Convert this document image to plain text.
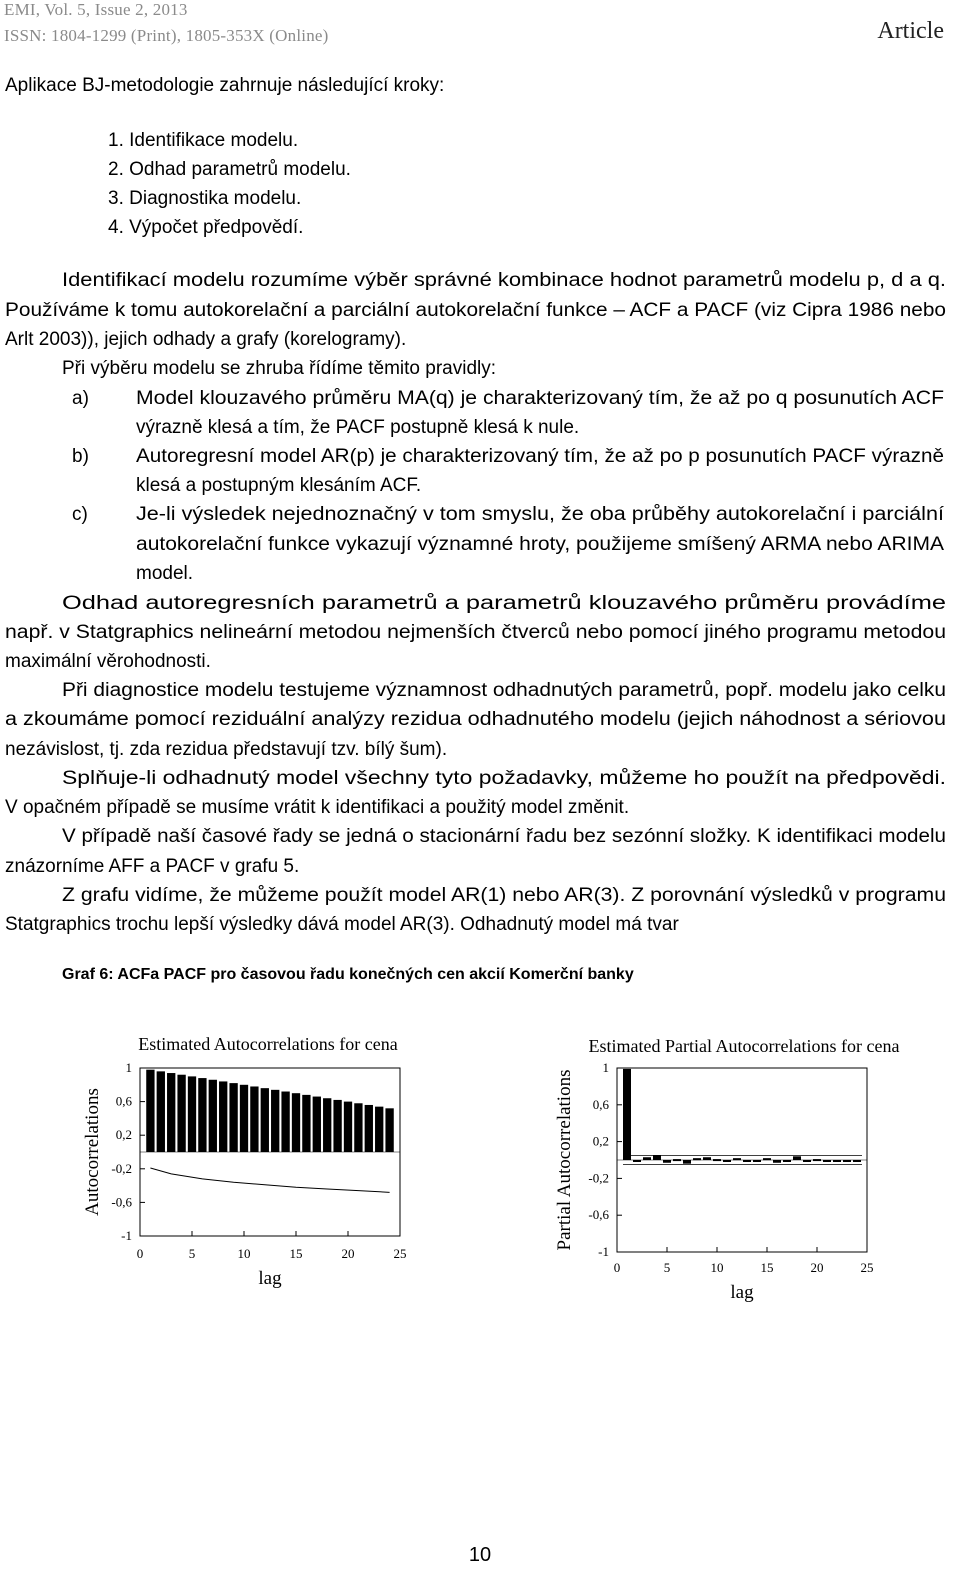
EMI, Vol. 5, Issue 2, 2013
ISSN: 1804-1299 (Print), 1805-353X (Online)	Article
Aplikace BJ-metodologie zahrnuje následující kroky:
1. Identifikace modelu.
2. Odhad parametrů modelu.
3. Diagnostika modelu.
4. Výpočet předpovědí.
Identifikací modelu rozumíme výběr správné kombinace hodnot parametrů modelu p, d a q.
Používáme k tomu autokorelační a parciální autokorelační funkce – ACF a PACF (viz Cipra 1986 nebo
Arlt 2003)), jejich odhady a grafy (korelogramy).
Při výběru modelu se zhruba řídíme těmito pravidly:
a) Model klouzavého průměru MA(q) je charakterizovaný tím, že až po q posunutích ACF
výrazně klesá a tím, že PACF postupně klesá k nule.
b) Autoregresní model AR(p) je charakterizovaný tím, že až po p posunutích PACF výrazně
klesá a postupným klesáním ACF.
c)	Je-li výsledek nejednoznačný v tom smyslu, že oba průběhy autokorelační i parciální
autokorelační funkce vykazují významné hroty, použijeme smíšený ARMA nebo ARIMA
model.
Odhad autoregresních parametrů a parametrů klouzavého průměru provádíme
např. v Statgraphics nelineární metodou nejmenších čtverců nebo pomocí jiného programu metodou
maximální věrohodnosti.
Při diagnostice modelu testujeme významnost odhadnutých parametrů, popř. modelu jako celku
a zkoumáme pomocí reziduální analýzy rezidua odhadnutého modelu (jejich náhodnost a sériovou
nezávislost, tj. zda rezidua představují tzv. bílý šum).
Splňuje-li odhadnutý model všechny tyto požadavky, můžeme ho použít na předpovědi.
V opačném případě se musíme vrátit k identifikaci a použitý model změnit.
V případě naší časové řady se jedná o stacionární řadu bez sezónní složky. K identifikaci modelu
znázorníme AFF a PACF v grafu 5.
Z grafu vidíme, že můžeme použít model AR(1) nebo AR(3). Z porovnání výsledků v programu
Statgraphics trochu lepší výsledky dává model AR(3). Odhadnutý model má tvar
Graf 6: ACFa PACF pro časovou řadu konečných cen akcií Komerční banky
Estimated Autocorrelations for cena
Autocorrelations
lag
1
0,6
0,2
-0,2
-0,6
-1
0	5	10	15	20	25
Estimated Partial Autocorrelations for cena
Partial Autocorrelations
lag
1
0,6
0,2
-0,2
-0,6
-1
0	5	10	15	20	25
10
